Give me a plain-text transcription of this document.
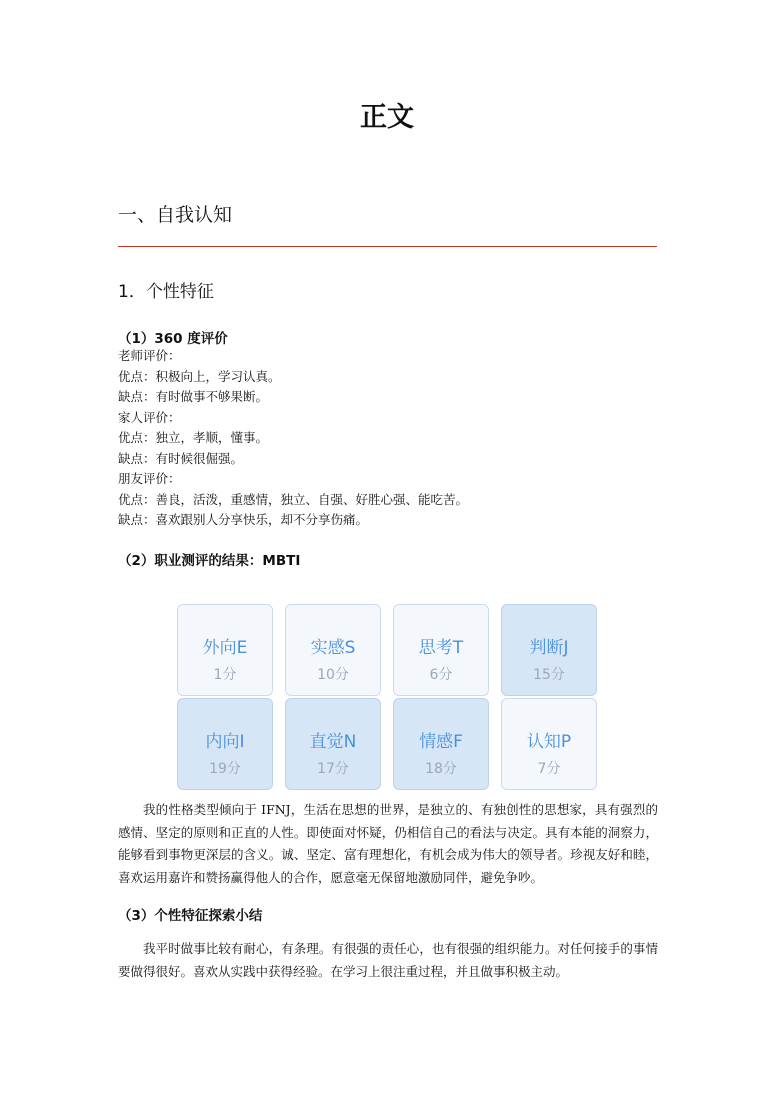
正文
一、自我认知
1．个性特征
（1）360 度评价
老师评价：
优点：积极向上，学习认真。
缺点：有时做事不够果断。
家人评价：
优点：独立，孝顺，懂事。
缺点：有时候很倔强。
朋友评价：
优点：善良，活泼，重感情，独立、自强、好胜心强、能吃苦。
缺点：喜欢跟别人分享快乐，却不分享伤痛。
（2）职业测评的结果：MBTI
外向E
1分
实感S
10分
思考T
6分
判断J
15分
内向I
19分
直觉N
17分
情感F
18分
认知P
7分
我的性格类型倾向于 IFNJ，生活在思想的世界，是独立的、有独创性的思想家，具有强烈的感情、坚定的原则和正直的人性。即使面对怀疑，仍相信自己的看法与决定。具有本能的洞察力，能够看到事物更深层的含义。诚、坚定、富有理想化，有机会成为伟大的领导者。珍视友好和睦，喜欢运用嘉许和赞扬赢得他人的合作，愿意毫无保留地激励同伴，避免争吵。
（3）个性特征探索小结
我平时做事比较有耐心，有条理。有很强的责任心，也有很强的组织能力。对任何接手的事情要做得很好。喜欢从实践中获得经验。在学习上很注重过程，并且做事积极主动。
